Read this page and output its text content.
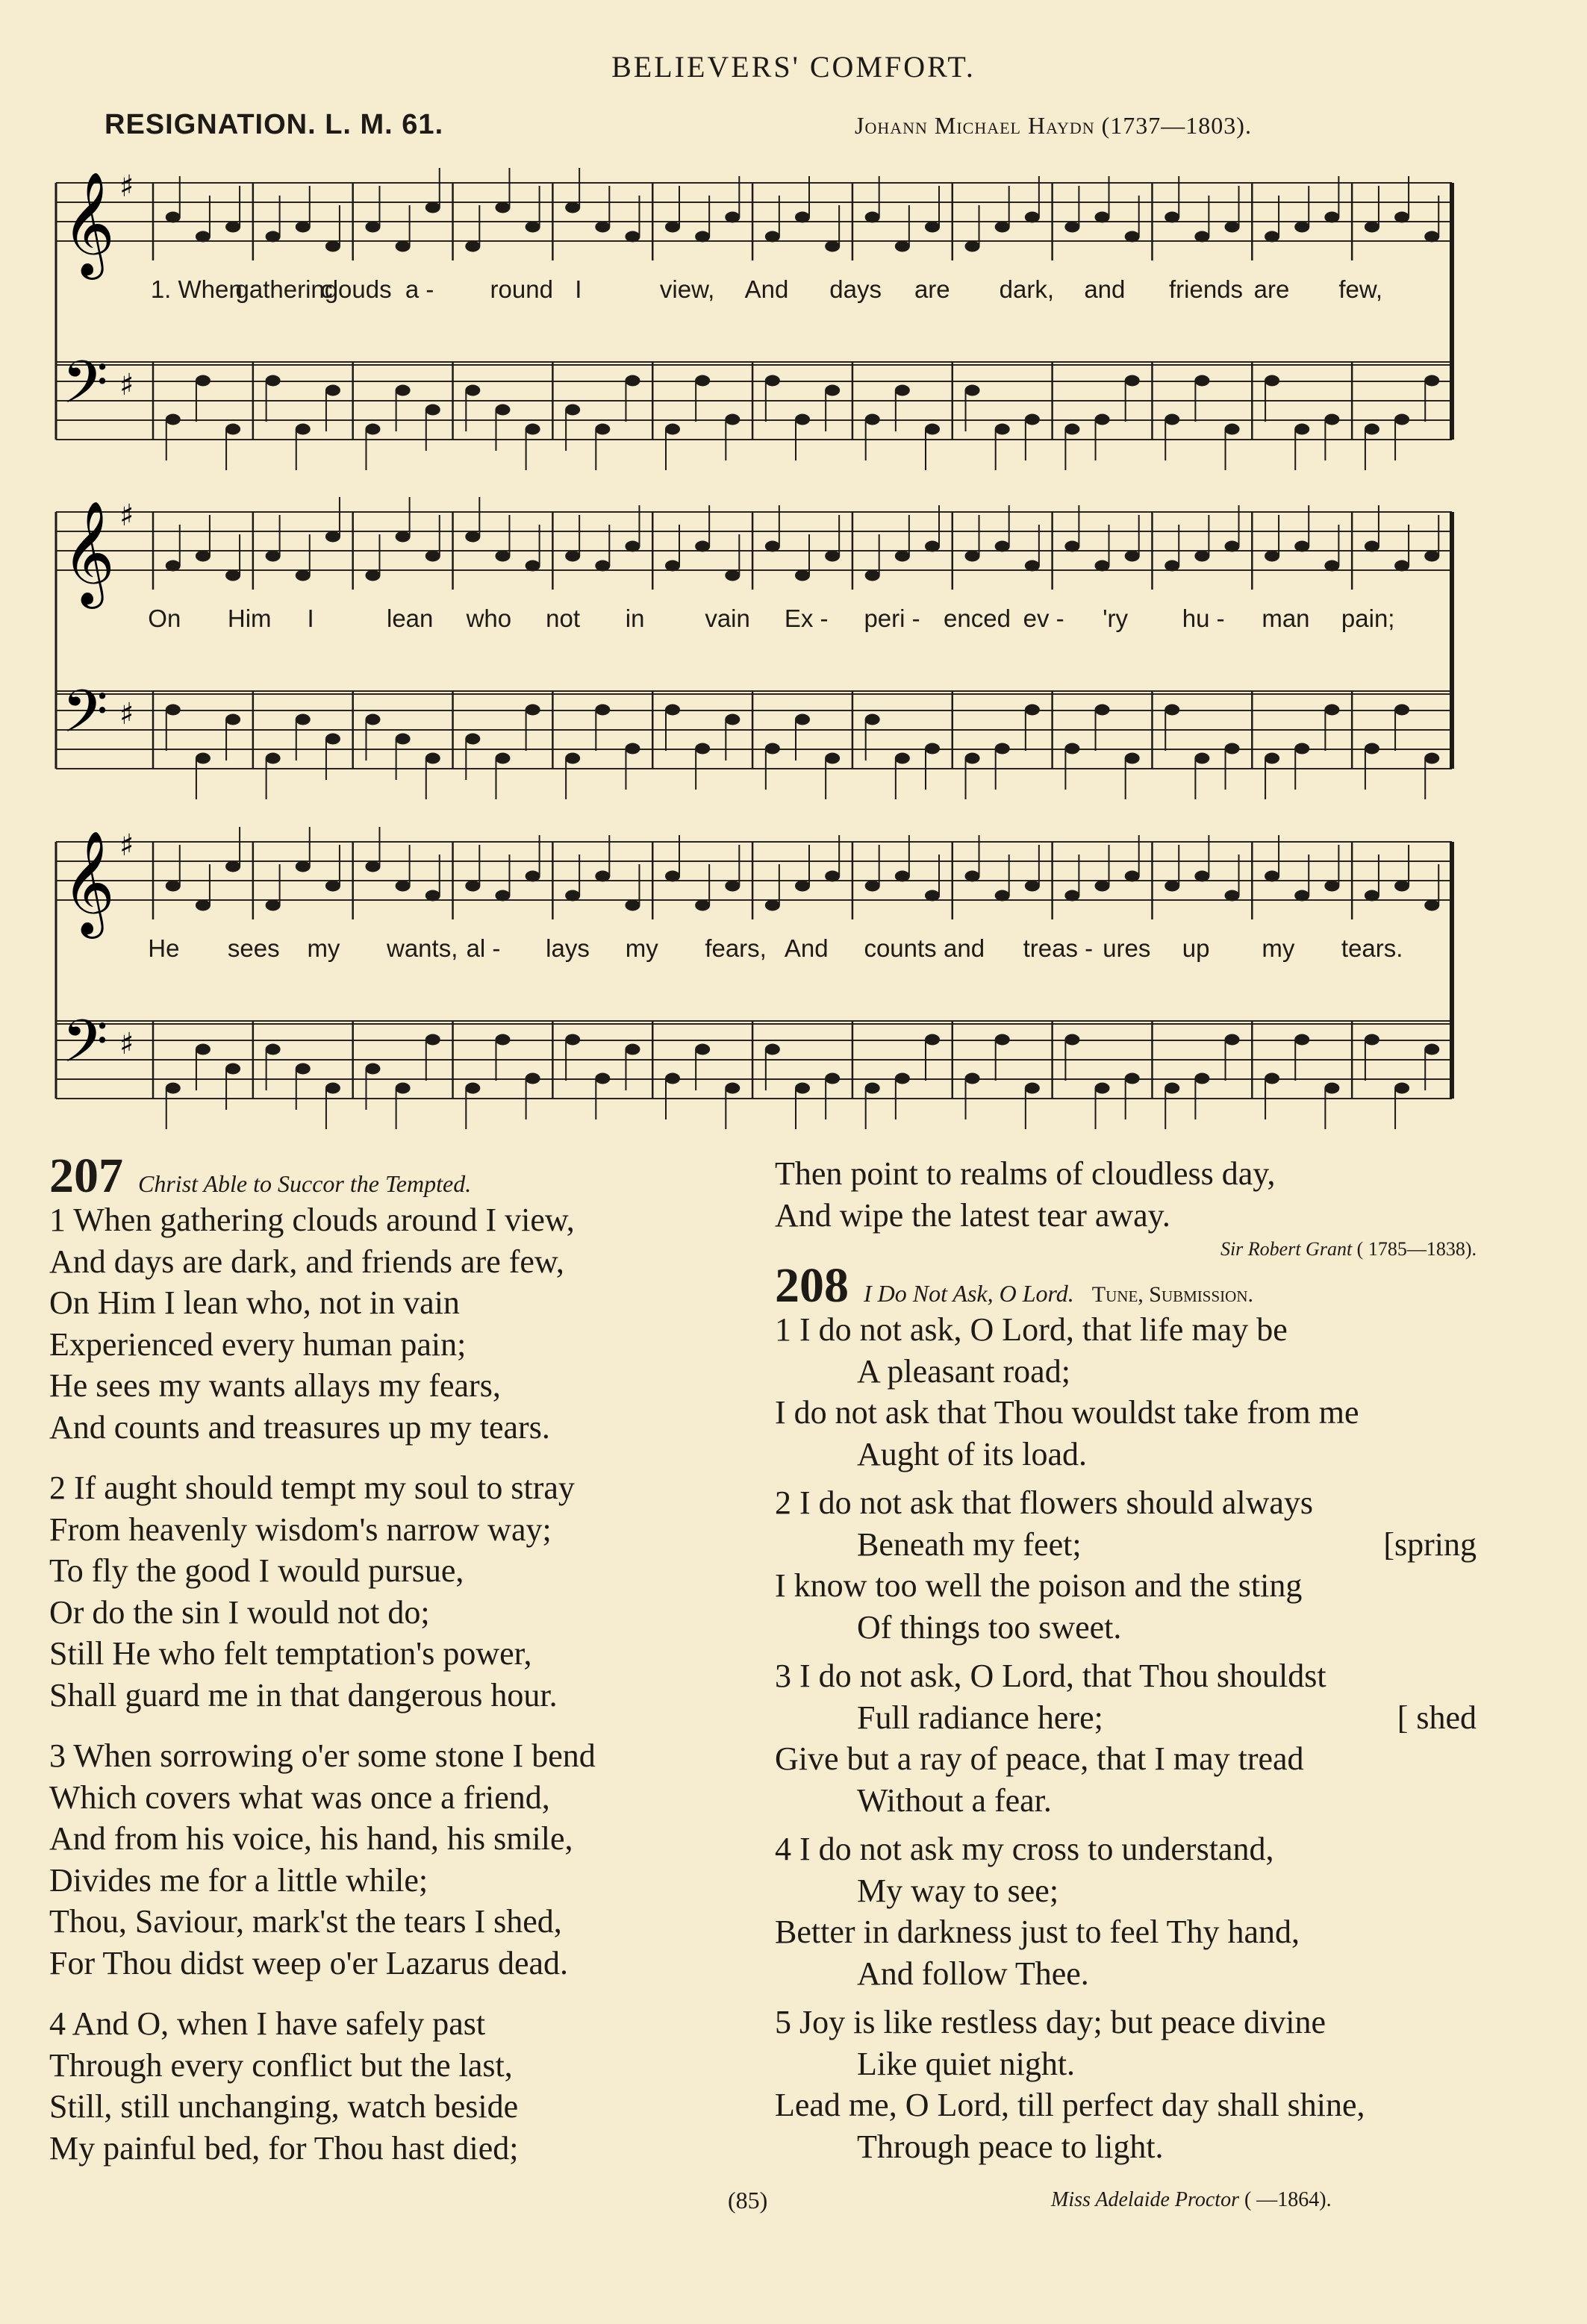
BELIEVERS' COMFORT.
RESIGNATION. L. M. 61.	Johann Michael Haydn (1737—1803).
𝄞
𝄢
♯
♯
1. When
gathering
clouds a - round I	view, And days are dark, and friends are few,
𝄞
𝄢
♯
♯
On Him I	lean who not in vain Ex - peri - enced ev - 'ry hu - man pain;
𝄞
𝄢
♯
♯
He sees my wants, al - lays my fears, And counts and treas - ures up my tears.
207 Christ Able to Succor the Tempted.
1 When gathering clouds around I view,
And days are dark, and friends are few,
On Him I lean who, not in vain
Experienced every human pain;
He sees my wants allays my fears,
And counts and treasures up my tears.
2 If aught should tempt my soul to stray
From heavenly wisdom's narrow way;
To fly the good I would pursue,
Or do the sin I would not do;
Still He who felt temptation's power,
Shall guard me in that dangerous hour.
3 When sorrowing o'er some stone I bend
Which covers what was once a friend,
And from his voice, his hand, his smile,
Divides me for a little while;
Thou, Saviour, mark'st the tears I shed,
For Thou didst weep o'er Lazarus dead.
4 And O, when I have safely past
Through every conflict but the last,
Still, still unchanging, watch beside
My painful bed, for Thou hast died;
Then point to realms of cloudless day,
And wipe the latest tear away.
Sir Robert Grant ( 1785—1838).
208 I Do Not Ask, O Lord. Tune, Submission.
1 I do not ask, O Lord, that life may be
A pleasant road;
I do not ask that Thou wouldst take from me
Aught of its load.
2 I do not ask that flowers should always
Beneath my feet;	[spring
I know too well the poison and the sting
Of things too sweet.
3 I do not ask, O Lord, that Thou shouldst
Full radiance here;	[ shed
Give but a ray of peace, that I may tread
Without a fear.
4 I do not ask my cross to understand,
My way to see;
Better in darkness just to feel Thy hand,
And follow Thee.
5 Joy is like restless day; but peace divine
Like quiet night.
Lead me, O Lord, till perfect day shall shine,
Through peace to light.
(85)	Miss Adelaide Proctor ( —1864).
